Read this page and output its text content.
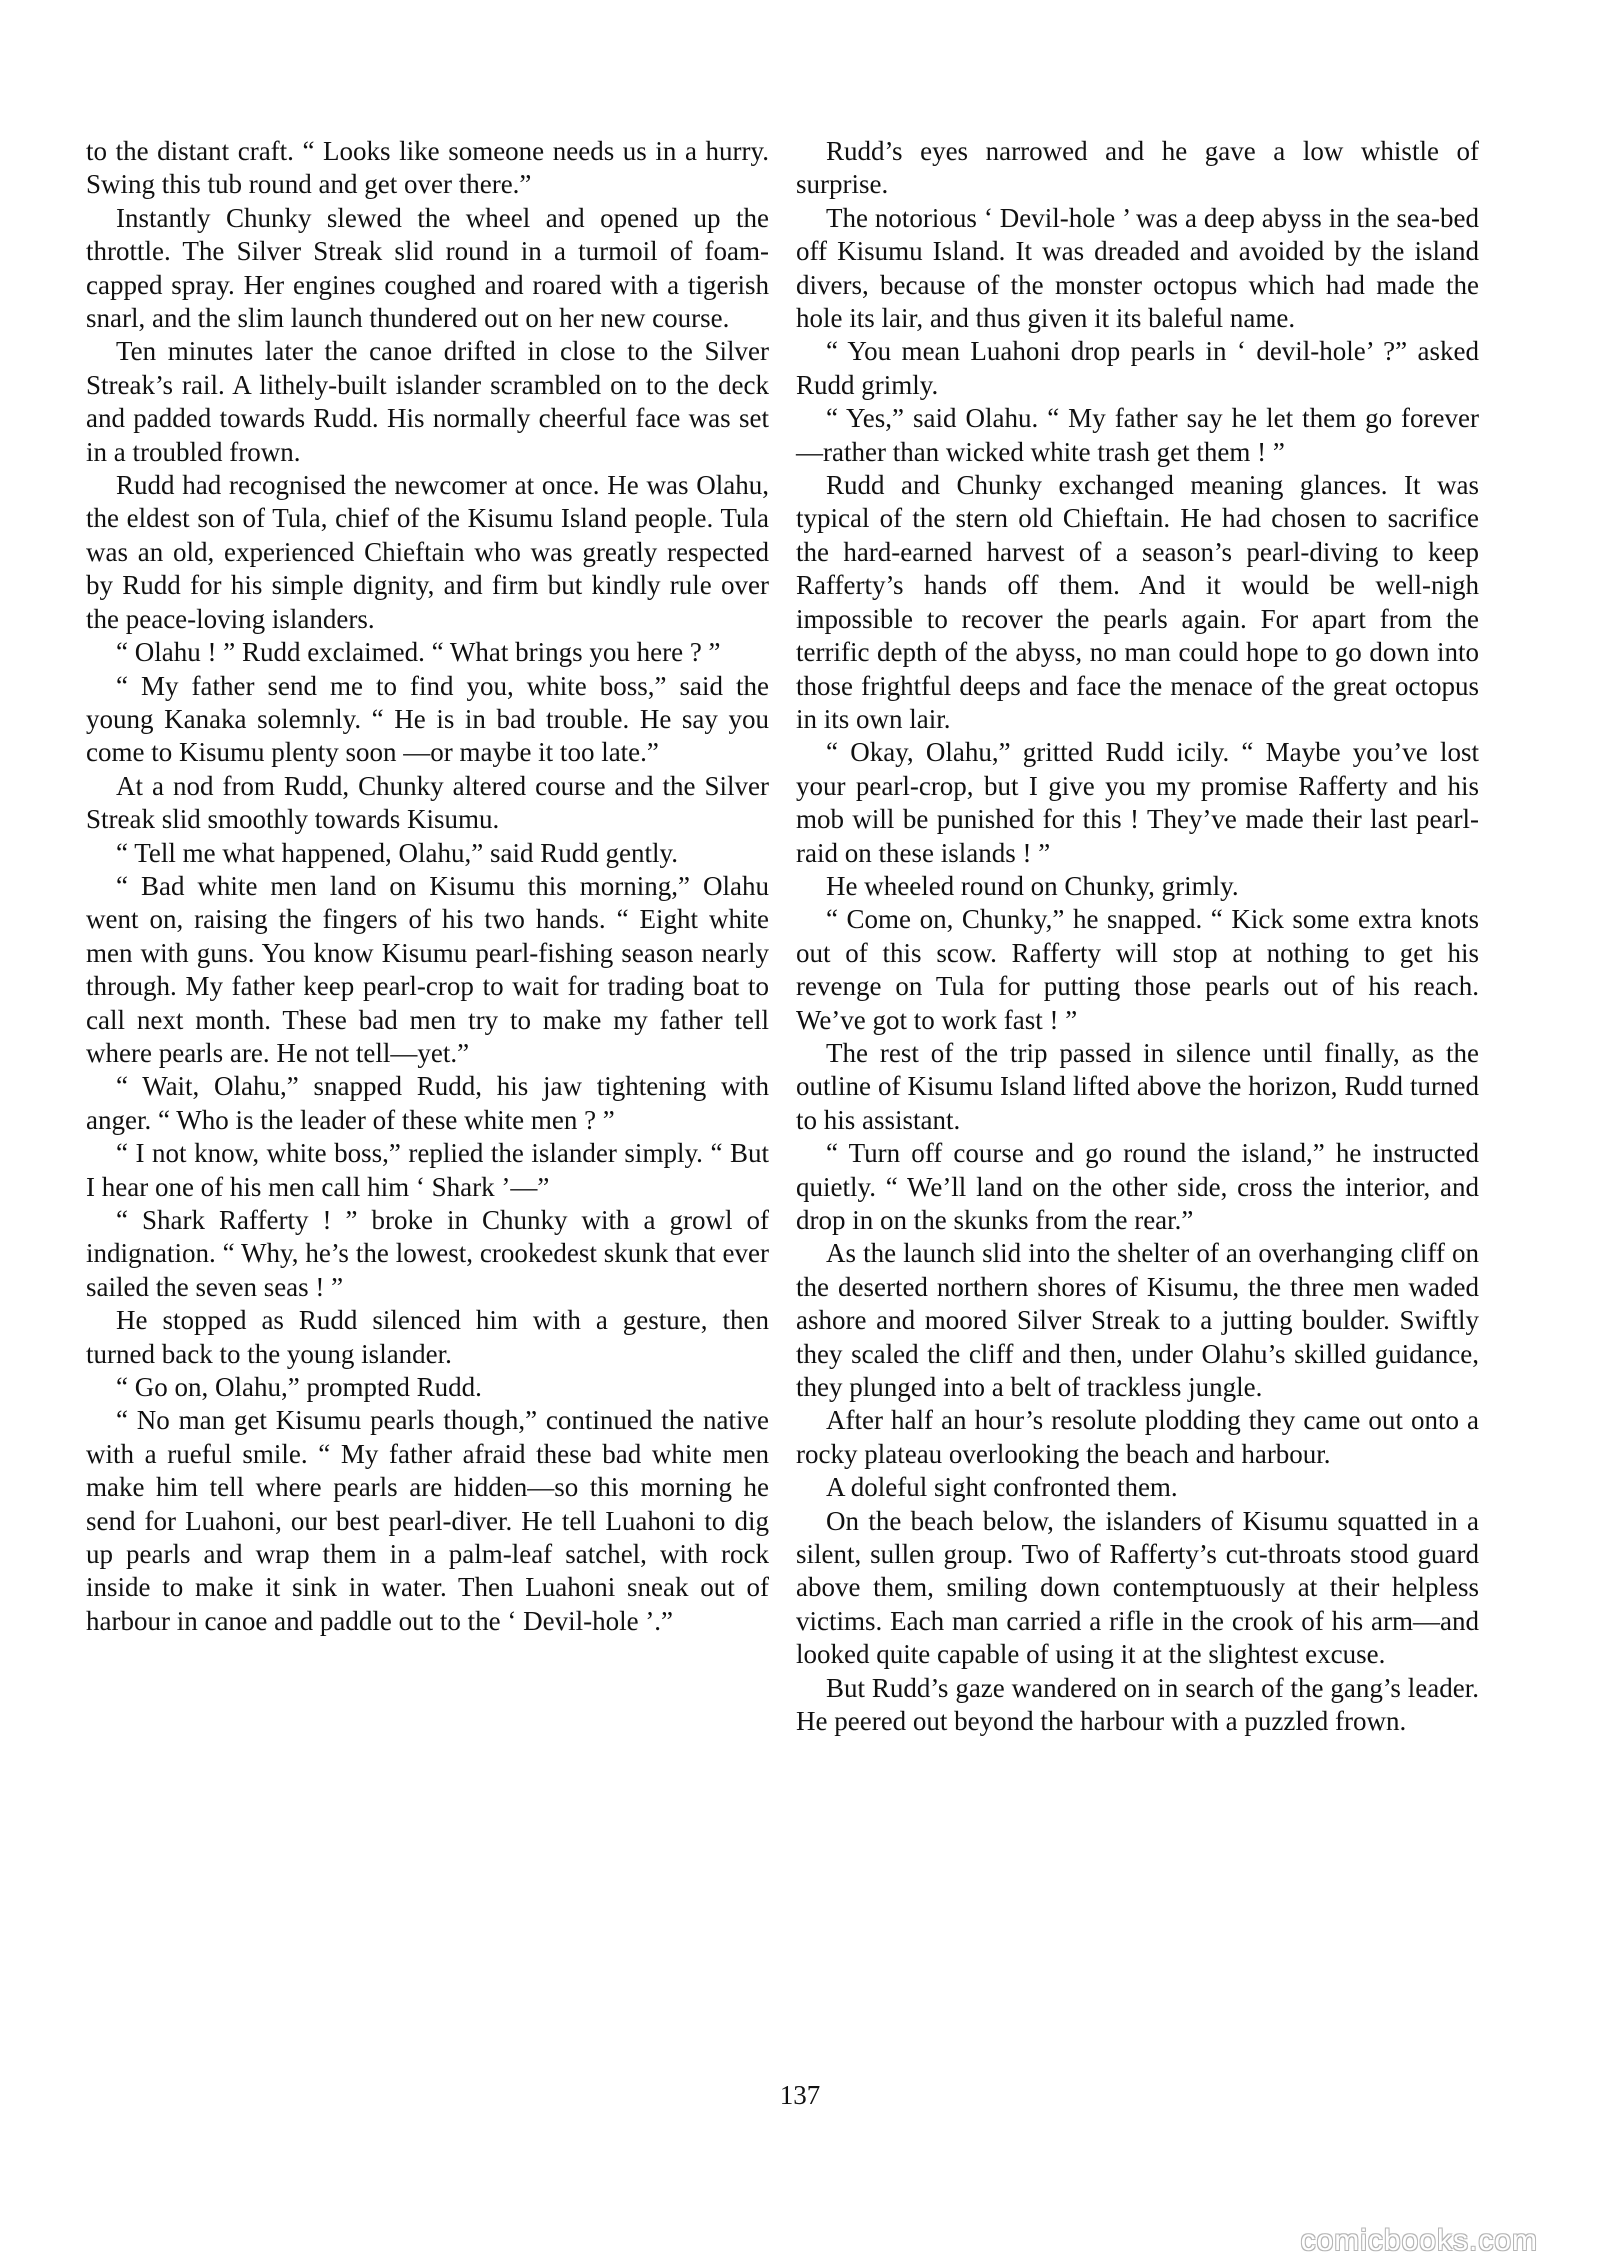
to the distant craft. “ Looks like someone needs us in a hurry. Swing this tub round and get over there.”

Instantly Chunky slewed the wheel and opened up the throttle. The Silver Streak slid round in a turmoil of foam-capped spray. Her engines coughed and roared with a tigerish snarl, and the slim launch thundered out on her new course.

Ten minutes later the canoe drifted in close to the Silver Streak’s rail. A lithely-built islander scrambled on to the deck and padded towards Rudd. His normally cheerful face was set in a troubled frown.

Rudd had recognised the newcomer at once. He was Olahu, the eldest son of Tula, chief of the Kisumu Island people. Tula was an old, experienced Chieftain who was greatly respected by Rudd for his simple dignity, and firm but kindly rule over the peace-loving islanders.

“ Olahu ! ” Rudd exclaimed. “ What brings you here ? ”

“ My father send me to find you, white boss,” said the young Kanaka solemnly. “ He is in bad trouble. He say you come to Kisumu plenty soon —or maybe it too late.”

At a nod from Rudd, Chunky altered course and the Silver Streak slid smoothly towards Kisumu.

“ Tell me what happened, Olahu,” said Rudd gently.

“ Bad white men land on Kisumu this morning,” Olahu went on, raising the fingers of his two hands. “ Eight white men with guns. You know Kisumu pearl-fishing season nearly through. My father keep pearl-crop to wait for trading boat to call next month. These bad men try to make my father tell where pearls are. He not tell—yet.”

“ Wait, Olahu,” snapped Rudd, his jaw tightening with anger. “ Who is the leader of these white men ? ”

“ I not know, white boss,” replied the islander simply. “ But I hear one of his men call him ‘ Shark ’—”

“ Shark Rafferty ! ” broke in Chunky with a growl of indignation. “ Why, he’s the lowest, crookedest skunk that ever sailed the seven seas ! ”

He stopped as Rudd silenced him with a gesture, then turned back to the young islander.

“ Go on, Olahu,” prompted Rudd.

“ No man get Kisumu pearls though,” continued the native with a rueful smile. “ My father afraid these bad white men make him tell where pearls are hidden—so this morning he send for Luahoni, our best pearl-diver. He tell Luahoni to dig up pearls and wrap them in a palm-leaf satchel, with rock inside to make it sink in water. Then Luahoni sneak out of harbour in canoe and paddle out to the ‘ Devil-hole ’.”

Rudd’s eyes narrowed and he gave a low whistle of surprise.

The notorious ‘ Devil-hole ’ was a deep abyss in the sea-bed off Kisumu Island. It was dreaded and avoided by the island divers, because of the monster octopus which had made the hole its lair, and thus given it its baleful name.

“ You mean Luahoni drop pearls in ‘ devil-hole’ ?” asked Rudd grimly.

“ Yes,” said Olahu. “ My father say he let them go forever—rather than wicked white trash get them ! ”

Rudd and Chunky exchanged meaning glances. It was typical of the stern old Chieftain. He had chosen to sacrifice the hard-earned harvest of a season’s pearl-diving to keep Rafferty’s hands off them. And it would be well-nigh impossible to recover the pearls again. For apart from the terrific depth of the abyss, no man could hope to go down into those frightful deeps and face the menace of the great octopus in its own lair.

“ Okay, Olahu,” gritted Rudd icily. “ Maybe you’ve lost your pearl-crop, but I give you my promise Rafferty and his mob will be punished for this ! They’ve made their last pearl-raid on these islands ! ”

He wheeled round on Chunky, grimly.

“ Come on, Chunky,” he snapped. “ Kick some extra knots out of this scow. Rafferty will stop at nothing to get his revenge on Tula for putting those pearls out of his reach. We’ve got to work fast ! ”

The rest of the trip passed in silence until finally, as the outline of Kisumu Island lifted above the horizon, Rudd turned to his assistant.

“ Turn off course and go round the island,” he instructed quietly. “ We’ll land on the other side, cross the interior, and drop in on the skunks from the rear.”

As the launch slid into the shelter of an overhanging cliff on the deserted northern shores of Kisumu, the three men waded ashore and moored Silver Streak to a jutting boulder. Swiftly they scaled the cliff and then, under Olahu’s skilled guidance, they plunged into a belt of trackless jungle.

After half an hour’s resolute plodding they came out onto a rocky plateau overlooking the beach and harbour.

A doleful sight confronted them.

On the beach below, the islanders of Kisumu squatted in a silent, sullen group. Two of Rafferty’s cut-throats stood guard above them, smiling down contemptuously at their helpless victims. Each man carried a rifle in the crook of his arm—and looked quite capable of using it at the slightest excuse.

But Rudd’s gaze wandered on in search of the gang’s leader. He peered out beyond the harbour with a puzzled frown.

137
comicbooks.com
